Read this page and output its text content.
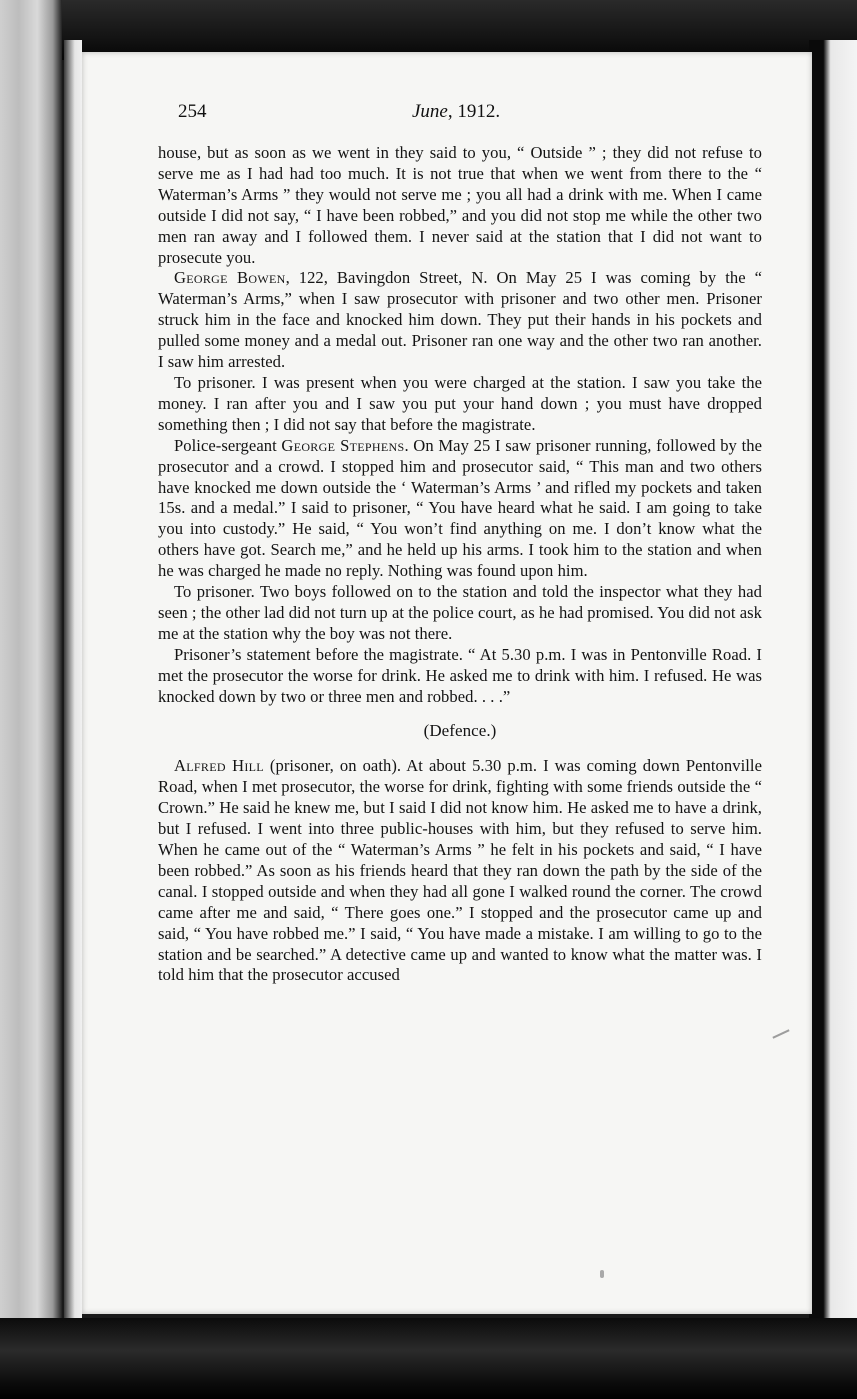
254	June, 1912.

house, but as soon as we went in they said to you, “ Outside ” ; they did not refuse to serve me as I had had too much. It is not true that when we went from there to the “ Waterman’s Arms ” they would not serve me ; you all had a drink with me. When I came outside I did not say, “ I have been robbed,” and you did not stop me while the other two men ran away and I followed them. I never said at the station that I did not want to prosecute you.

George Bowen, 122, Bavingdon Street, N. On May 25 I was coming by the “ Waterman’s Arms,” when I saw prosecutor with prisoner and two other men. Prisoner struck him in the face and knocked him down. They put their hands in his pockets and pulled some money and a medal out. Prisoner ran one way and the other two ran another. I saw him arrested.

To prisoner. I was present when you were charged at the station. I saw you take the money. I ran after you and I saw you put your hand down ; you must have dropped something then ; I did not say that before the magistrate.

Police-sergeant George Stephens. On May 25 I saw prisoner running, followed by the prosecutor and a crowd. I stopped him and prosecutor said, “ This man and two others have knocked me down outside the ‘ Waterman’s Arms ’ and rifled my pockets and taken 15s. and a medal.” I said to prisoner, “ You have heard what he said. I am going to take you into custody.” He said, “ You won’t find anything on me. I don’t know what the others have got. Search me,” and he held up his arms. I took him to the station and when he was charged he made no reply. Nothing was found upon him.

To prisoner. Two boys followed on to the station and told the inspector what they had seen ; the other lad did not turn up at the police court, as he had promised. You did not ask me at the station why the boy was not there.

Prisoner’s statement before the magistrate. “ At 5.30 p.m. I was in Pentonville Road. I met the prosecutor the worse for drink. He asked me to drink with him. I refused. He was knocked down by two or three men and robbed. . . .”

(Defence.)

Alfred Hill (prisoner, on oath). At about 5.30 p.m. I was coming down Pentonville Road, when I met prosecutor, the worse for drink, fighting with some friends outside the “ Crown.” He said he knew me, but I said I did not know him. He asked me to have a drink, but I refused. I went into three public-houses with him, but they refused to serve him. When he came out of the “ Waterman’s Arms ” he felt in his pockets and said, “ I have been robbed.” As soon as his friends heard that they ran down the path by the side of the canal. I stopped outside and when they had all gone I walked round the corner. The crowd came after me and said, “ There goes one.” I stopped and the prosecutor came up and said, “ You have robbed me.” I said, “ You have made a mistake. I am willing to go to the station and be searched.” A detective came up and wanted to know what the matter was. I told him that the prosecutor accused
